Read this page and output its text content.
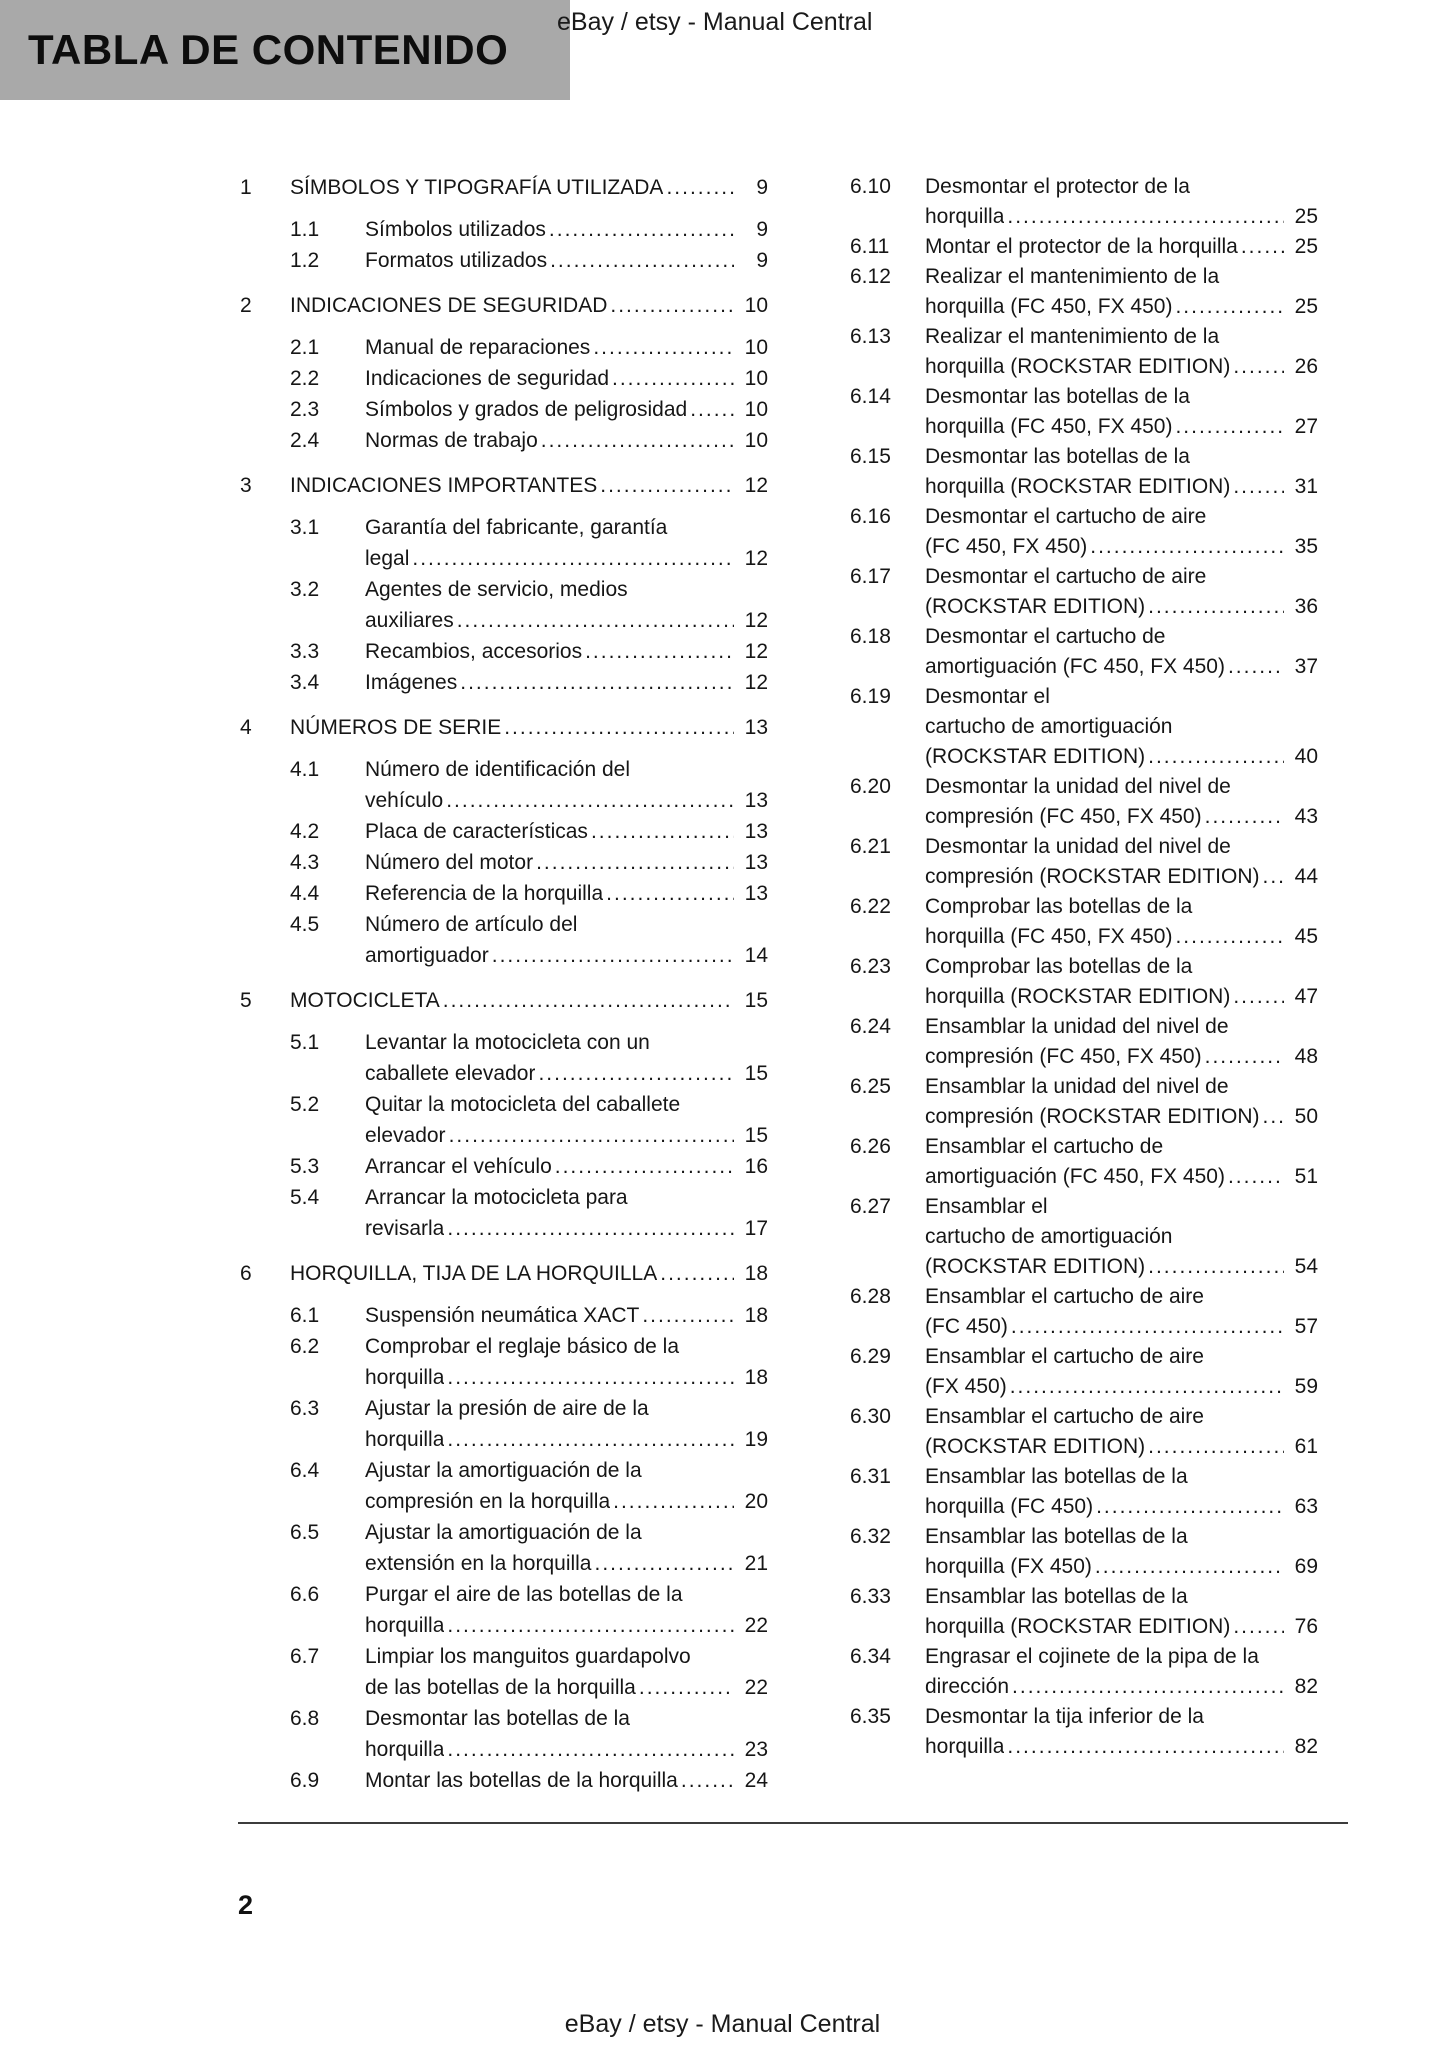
TABLA DE CONTENIDO
eBay / etsy - Manual Central
1	SÍMBOLOS Y TIPOGRAFÍA UTILIZADA .....	9
1.1	Símbolos utilizados .....	9
1.2	Formatos utilizados .....	9
2	INDICACIONES DE SEGURIDAD .....	10
2.1	Manual de reparaciones .....	10
2.2	Indicaciones de seguridad .....	10
2.3	Símbolos y grados de peligrosidad .....	10
2.4	Normas de trabajo .....	10
3	INDICACIONES IMPORTANTES .....	12
3.1	Garantía del fabricante, garantía
legal .....	12
3.2	Agentes de servicio, medios
auxiliares .....	12
3.3	Recambios, accesorios .....	12
3.4	Imágenes .....	12
4	NÚMEROS DE SERIE .....	13
4.1	Número de identificación del
vehículo .....	13
4.2	Placa de características .....	13
4.3	Número del motor .....	13
4.4	Referencia de la horquilla .....	13
4.5	Número de artículo del
amortiguador .....	14
5	MOTOCICLETA .....	15
5.1	Levantar la motocicleta con un
caballete elevador .....	15
5.2	Quitar la motocicleta del caballete
elevador .....	15
5.3	Arrancar el vehículo .....	16
5.4	Arrancar la motocicleta para
revisarla .....	17
6	HORQUILLA, TIJA DE LA HORQUILLA .....	18
6.1	Suspensión neumática XACT .....	18
6.2	Comprobar el reglaje básico de la
horquilla .....	18
6.3	Ajustar la presión de aire de la
horquilla .....	19
6.4	Ajustar la amortiguación de la
compresión en la horquilla .....	20
6.5	Ajustar la amortiguación de la
extensión en la horquilla .....	21
6.6	Purgar el aire de las botellas de la
horquilla .....	22
6.7	Limpiar los manguitos guardapolvo
de las botellas de la horquilla .....	22
6.8	Desmontar las botellas de la
horquilla .....	23
6.9	Montar las botellas de la horquilla .....	24
6.10	Desmontar el protector de la
horquilla .....	25
6.11	Montar el protector de la horquilla .....	25
6.12	Realizar el mantenimiento de la
horquilla (FC 450, FX 450) .....	25
6.13	Realizar el mantenimiento de la
horquilla (ROCKSTAR EDITION) .....	26
6.14	Desmontar las botellas de la
horquilla (FC 450, FX 450) .....	27
6.15	Desmontar las botellas de la
horquilla (ROCKSTAR EDITION) .....	31
6.16	Desmontar el cartucho de aire
(FC 450, FX 450) .....	35
6.17	Desmontar el cartucho de aire
(ROCKSTAR EDITION) .....	36
6.18	Desmontar el cartucho de
amortiguación (FC 450, FX 450) .....	37
6.19	Desmontar el
cartucho de amortiguación
(ROCKSTAR EDITION) .....	40
6.20	Desmontar la unidad del nivel de
compresión (FC 450, FX 450) .....	43
6.21	Desmontar la unidad del nivel de
compresión (ROCKSTAR EDITION) ..... 44
6.22	Comprobar las botellas de la
horquilla (FC 450, FX 450) .....	45
6.23	Comprobar las botellas de la
horquilla (ROCKSTAR EDITION) .....	47
6.24	Ensamblar la unidad del nivel de
compresión (FC 450, FX 450) .....	48
6.25	Ensamblar la unidad del nivel de
compresión (ROCKSTAR EDITION) ..... 50
6.26	Ensamblar el cartucho de
amortiguación (FC 450, FX 450) .....	51
6.27	Ensamblar el
cartucho de amortiguación
(ROCKSTAR EDITION) .....	54
6.28	Ensamblar el cartucho de aire
(FC 450) .....	57
6.29	Ensamblar el cartucho de aire
(FX 450) .....	59
6.30	Ensamblar el cartucho de aire
(ROCKSTAR EDITION) .....	61
6.31	Ensamblar las botellas de la
horquilla (FC 450) .....	63
6.32	Ensamblar las botellas de la
horquilla (FX 450) .....	69
6.33	Ensamblar las botellas de la
horquilla (ROCKSTAR EDITION) .....	76
6.34	Engrasar el cojinete de la pipa de la
dirección .....	82
6.35	Desmontar la tija inferior de la
horquilla .....	82
2
eBay / etsy - Manual Central
